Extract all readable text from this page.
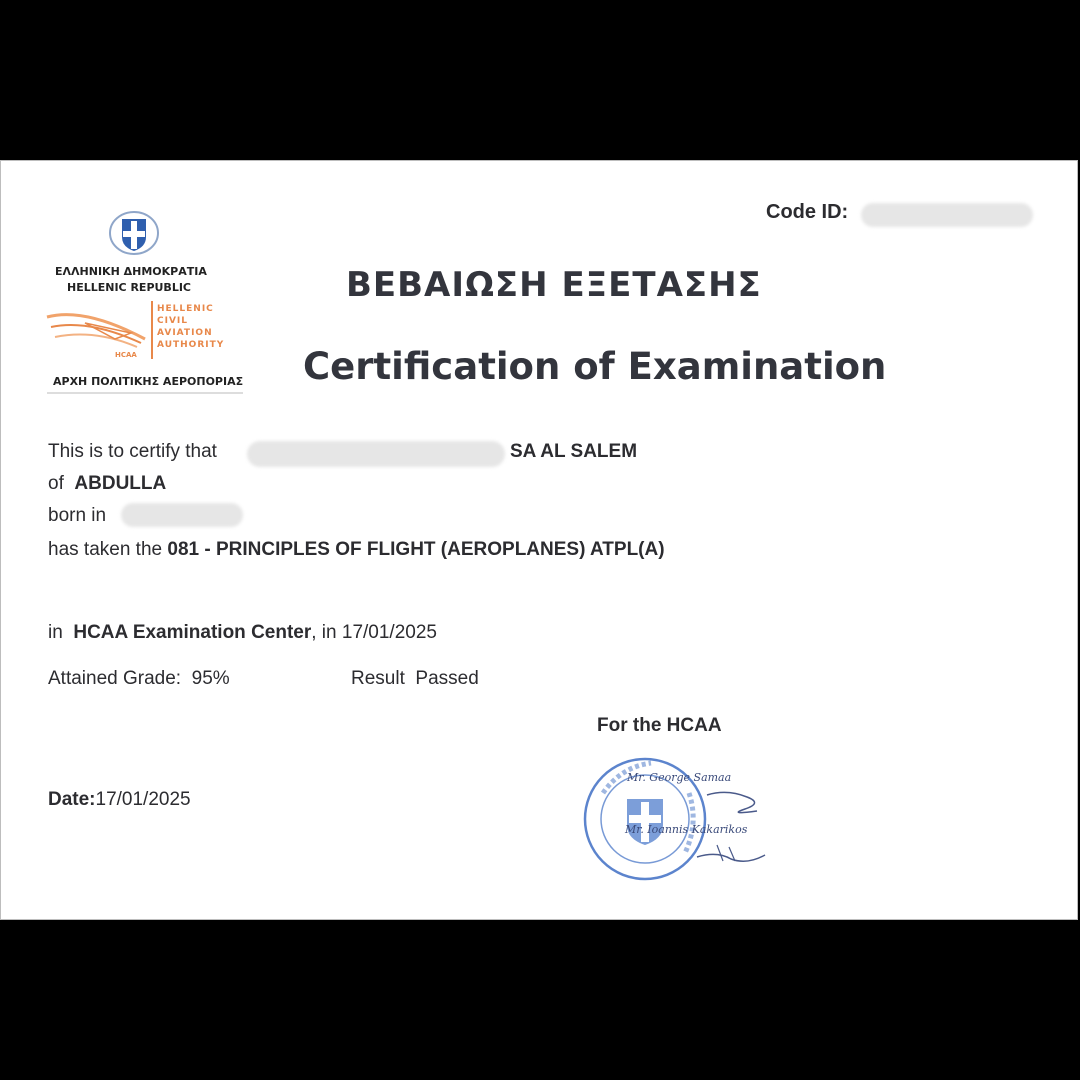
Code ID:
ΕΛΛΗΝΙΚΗ ΔΗΜΟΚΡΑΤΙΑ
HELLENIC REPUBLIC
HCAA
HELLENIC
CIVIL
AVIATION
AUTHORITY
ΑΡΧΗ ΠΟΛΙΤΙΚΗΣ ΑΕΡΟΠΟΡΙΑΣ
ΒΕΒΑΙΩΣΗ ΕΞΕΤΑΣΗΣ
Certification of Examination
This is to certify that	SA AL SALEM
of ABDULLA
born in
has taken the 081 - PRINCIPLES OF FLIGHT (AEROPLANES) ATPL(A)
in HCAA Examination Center, in 17/01/2025
Attained Grade: 95%	Result Passed
For the HCAA
Date:17/01/2025
Mr. George Samaa
Mr. Ioannis Kakarikos
